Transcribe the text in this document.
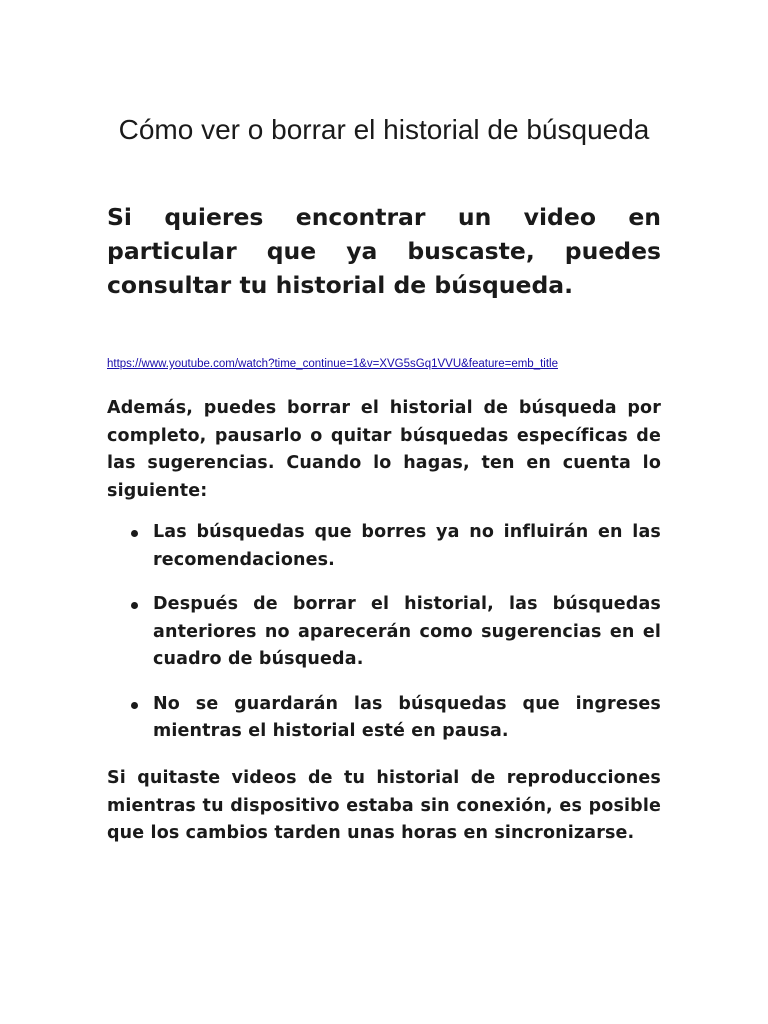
Cómo ver o borrar el historial de búsqueda

Si quieres encontrar un video en particular que ya buscaste, puedes consultar tu historial de búsqueda.

https://www.youtube.com/watch?time_continue=1&v=XVG5sGq1VVU&feature=emb_title

Además, puedes borrar el historial de búsqueda por completo, pausarlo o quitar búsquedas específicas de las sugerencias. Cuando lo hagas, ten en cuenta lo siguiente:

Las búsquedas que borres ya no influirán en las recomendaciones.
Después de borrar el historial, las búsquedas anteriores no aparecerán como sugerencias en el cuadro de búsqueda.
No se guardarán las búsquedas que ingreses mientras el historial esté en pausa.

Si quitaste videos de tu historial de reproducciones mientras tu dispositivo estaba sin conexión, es posible que los cambios tarden unas horas en sincronizarse.
